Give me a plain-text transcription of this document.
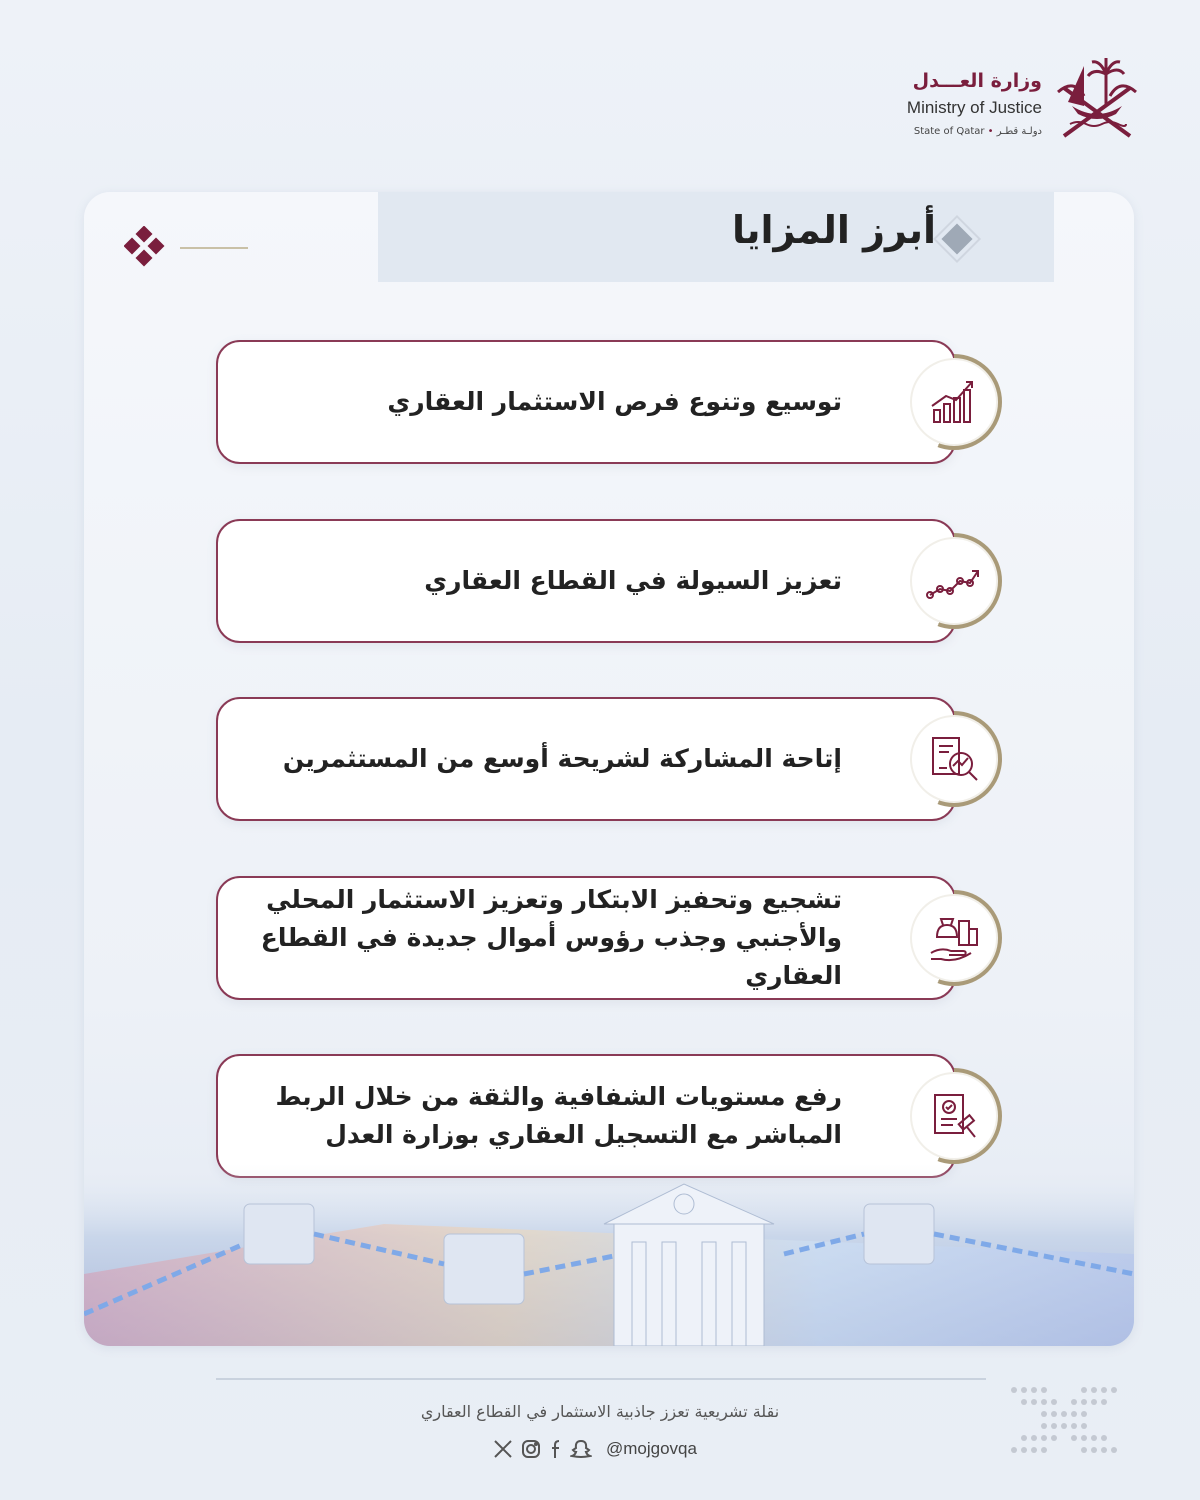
وزارة العـــدل
Ministry of Justice
State of Qatar • دولـة قطـر
أبرز المزايا
توسيع وتنوع فرص الاستثمار العقاري
تعزيز السيولة في القطاع العقاري
إتاحة المشاركة لشريحة أوسع من المستثمرين
تشجيع وتحفيز الابتكار وتعزيز الاستثمار المحلي والأجنبي وجذب رؤوس أموال جديدة في القطاع العقاري
رفع مستويات الشفافية والثقة من خلال الربط المباشر مع التسجيل العقاري بوزارة العدل
نقلة تشريعية تعزز جاذبية الاستثمار في القطاع العقاري
@mojgovqa
